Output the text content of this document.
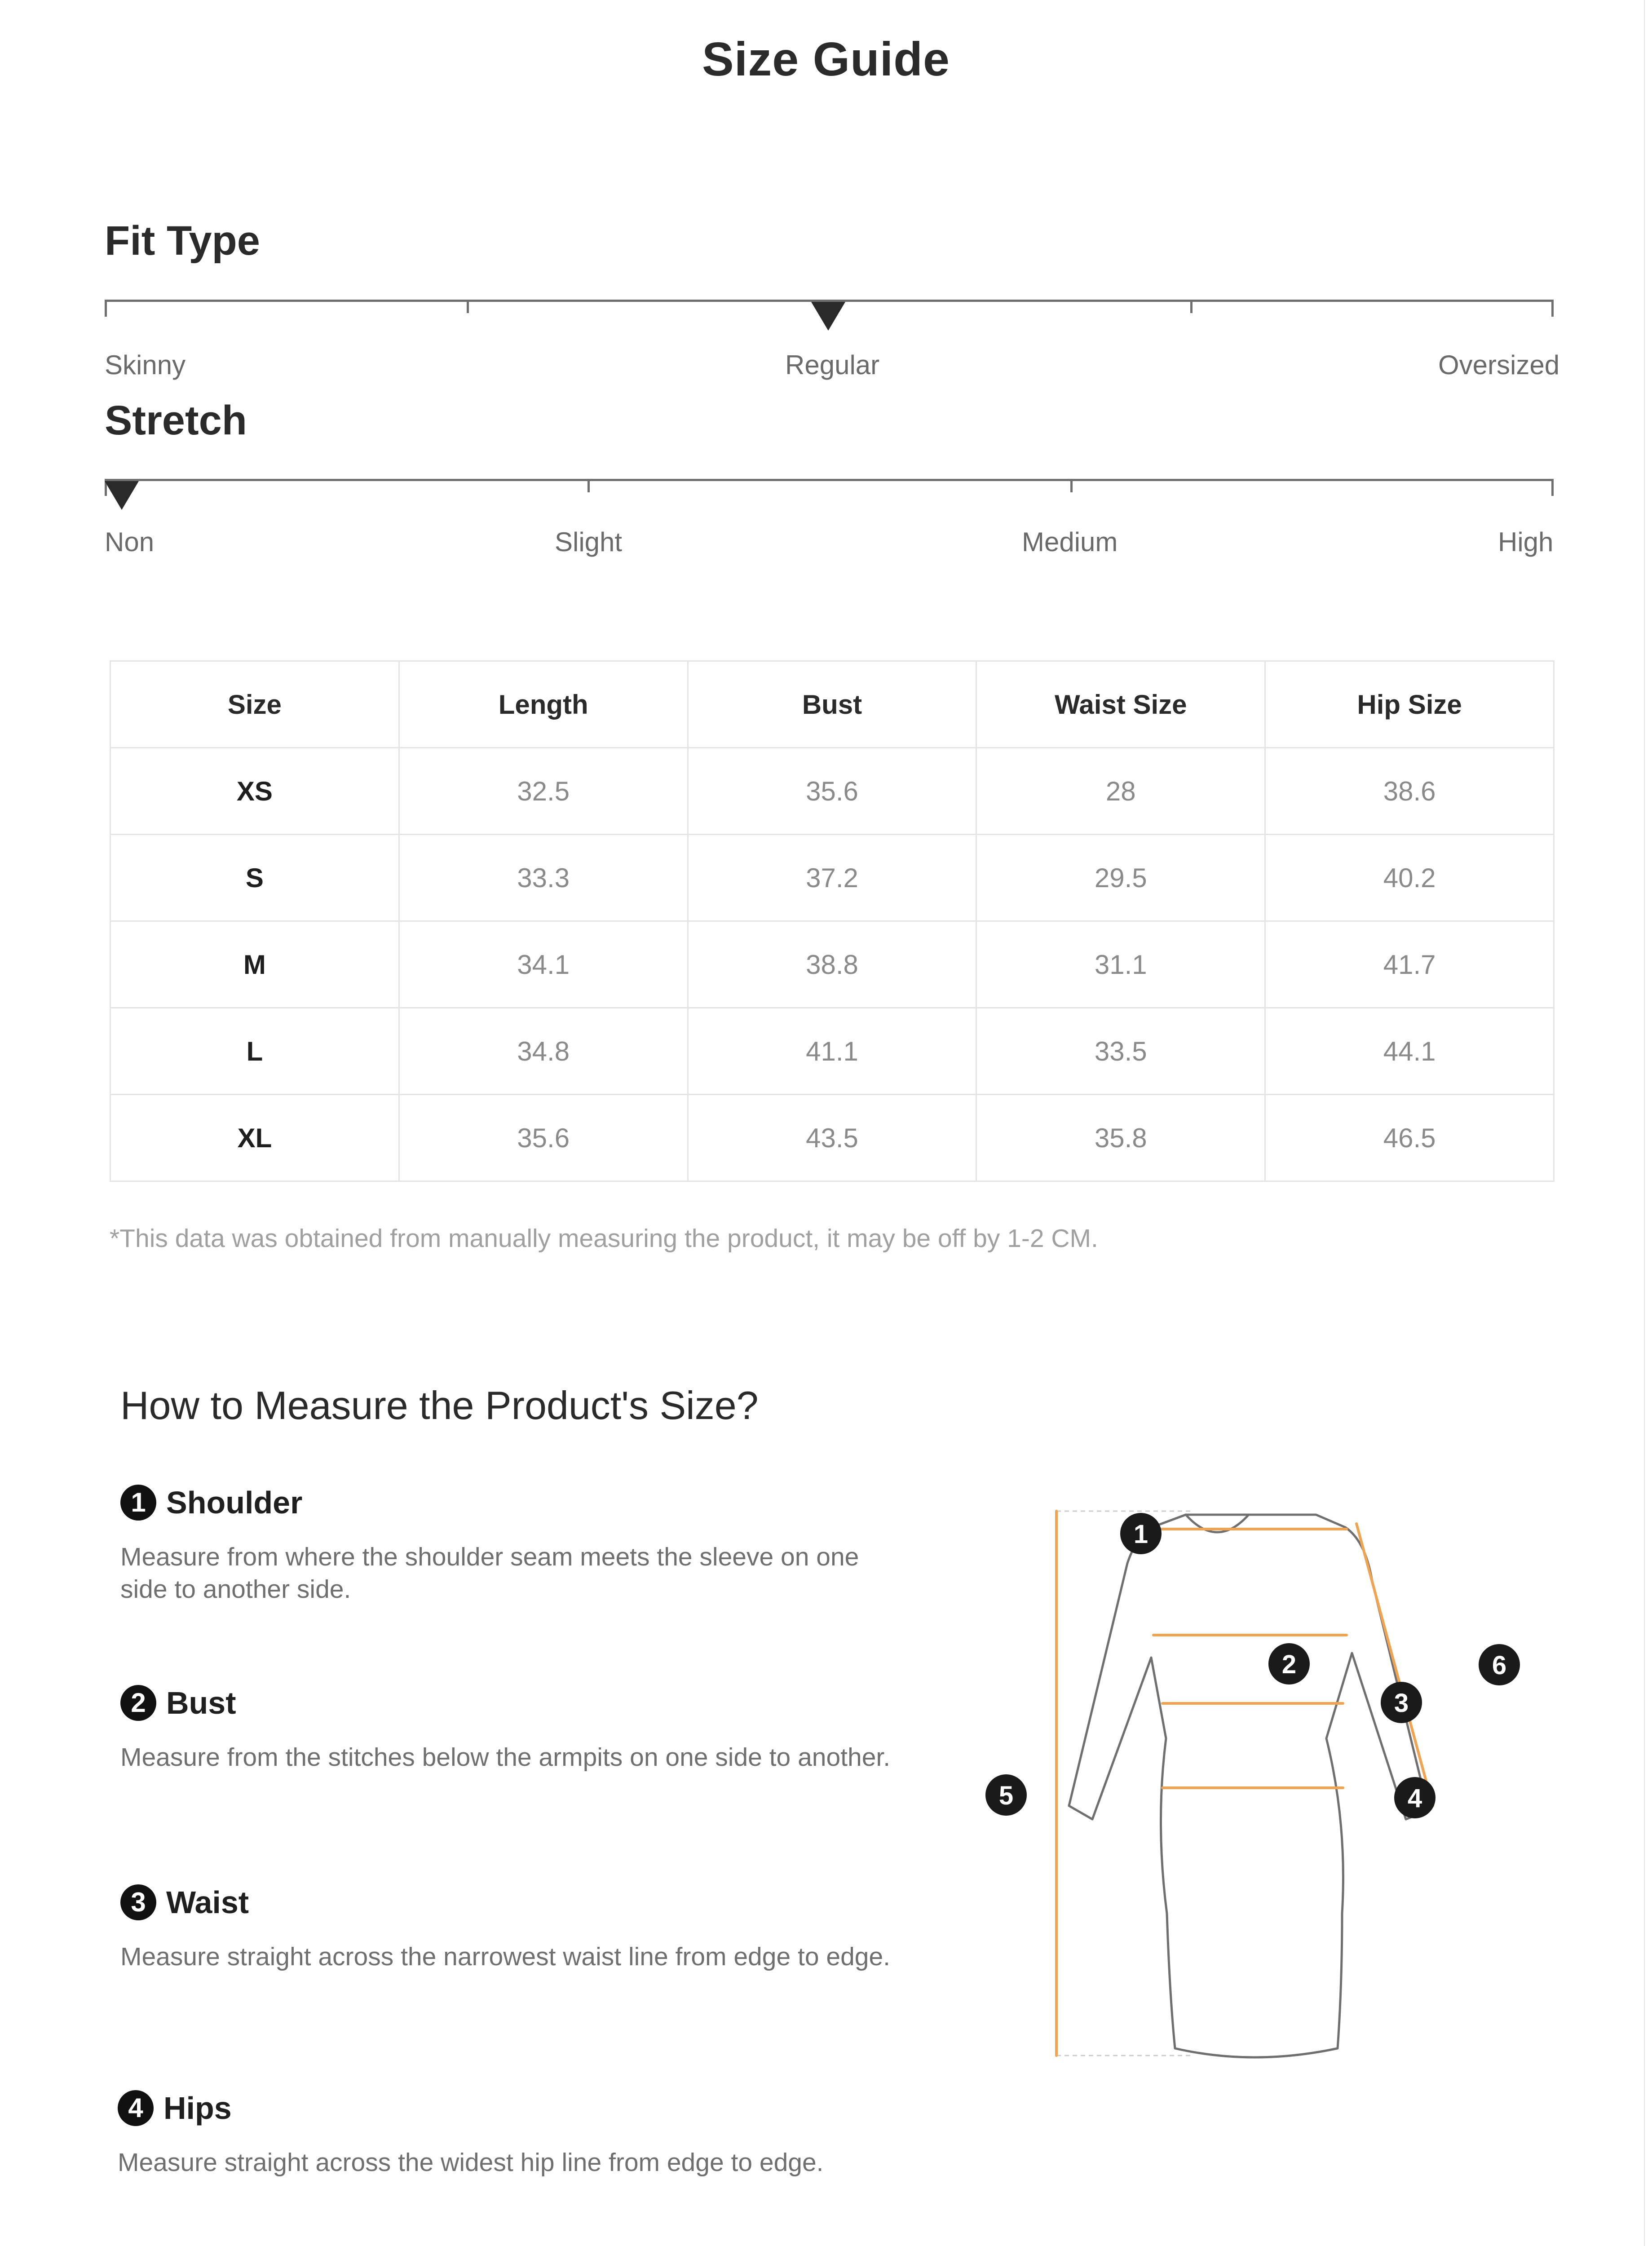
Size Guide
Fit Type
Skinny	Regular	Oversized
Stretch
Non	Slight	Medium	High
Size	Length	Bust	Waist Size	Hip Size
XS	32.5	35.6	28	38.6
S	33.3	37.2	29.5	40.2
M	34.1	38.8	31.1	41.7
L	34.8	41.1	33.5	44.1
XL	35.6	43.5	35.8	46.5
*This data was obtained from manually measuring the product, it may be off by 1-2 CM.
How to Measure the Product's Size?
1 Shoulder
Measure from where the shoulder seam meets the sleeve on one side to another side.
2 Bust
Measure from the stitches below the armpits on one side to another.
3 Waist
Measure straight across the narrowest waist line from edge to edge.
4 Hips
Measure straight across the widest hip line from edge to edge.
1
2
3
4
5
6
